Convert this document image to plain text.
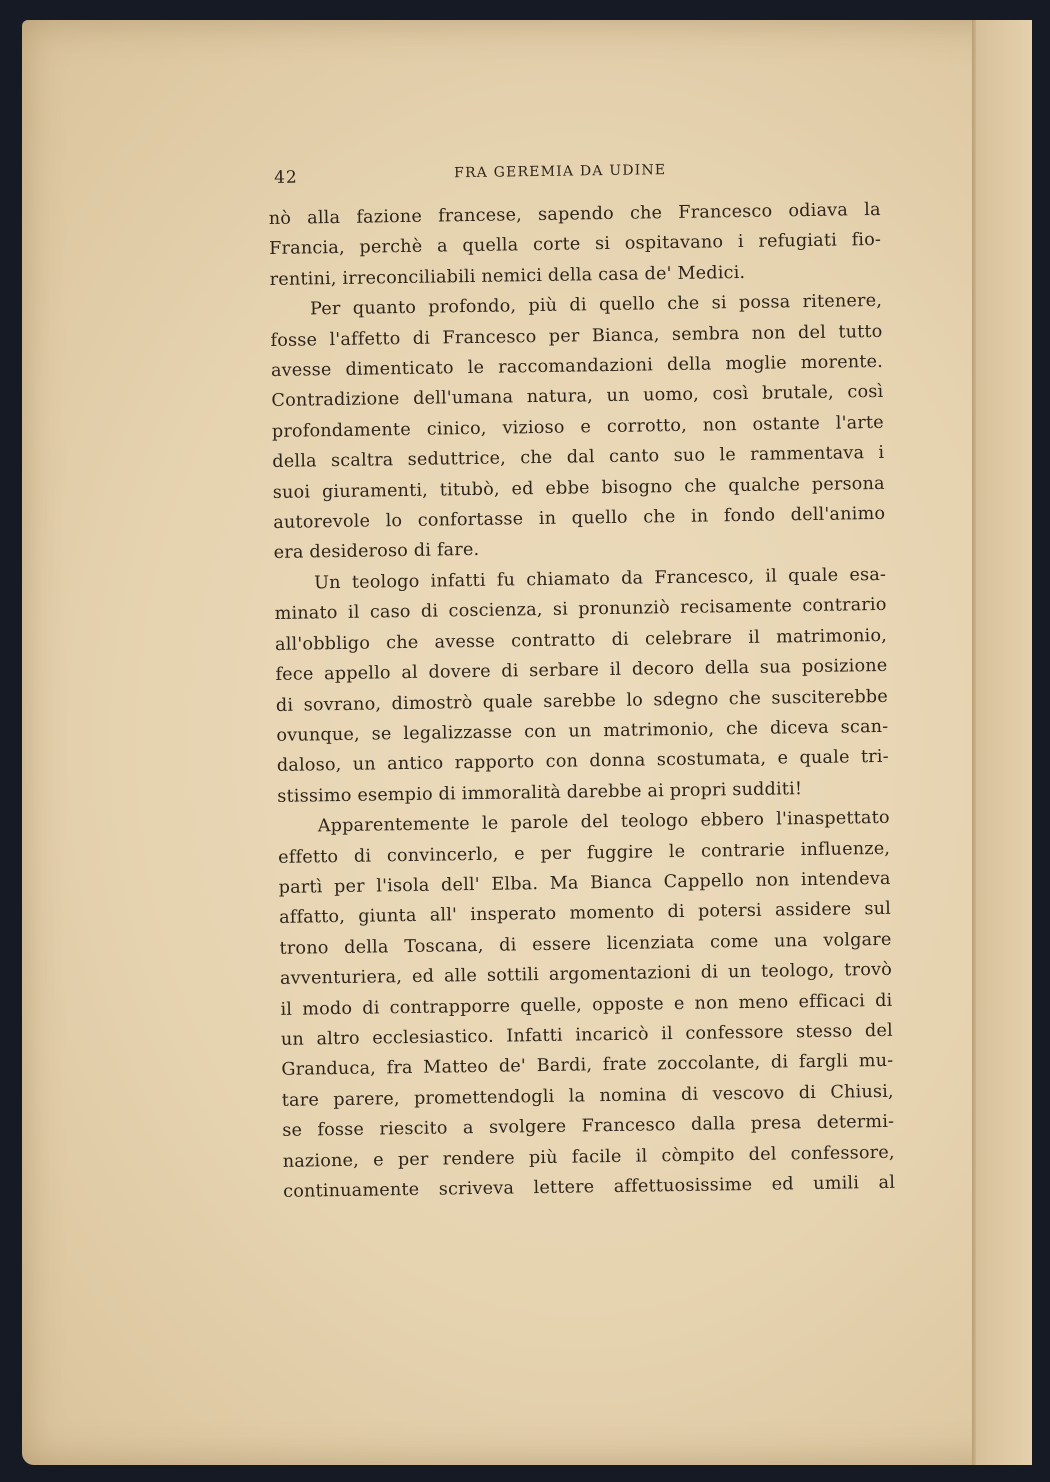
42	FRA GEREMIA DA UDINE
nò alla fazione francese, sapendo che Francesco odiava la
Francia, perchè a quella corte si ospitavano i refugiati fio-
rentini, irreconciliabili nemici della casa de' Medici.
Per quanto profondo, più di quello che si possa ritenere,
fosse l'affetto di Francesco per Bianca, sembra non del tutto
avesse dimenticato le raccomandazioni della moglie morente.
Contradizione dell'umana natura, un uomo, così brutale, così
profondamente cinico, vizioso e corrotto, non ostante l'arte
della scaltra seduttrice, che dal canto suo le rammentava i
suoi giuramenti, titubò, ed ebbe bisogno che qualche persona
autorevole lo confortasse in quello che in fondo dell'animo
era desideroso di fare.
Un teologo infatti fu chiamato da Francesco, il quale esa-
minato il caso di coscienza, si pronunziò recisamente contrario
all'obbligo che avesse contratto di celebrare il matrimonio,
fece appello al dovere di serbare il decoro della sua posizione
di sovrano, dimostrò quale sarebbe lo sdegno che susciterebbe
ovunque, se legalizzasse con un matrimonio, che diceva scan-
daloso, un antico rapporto con donna scostumata, e quale tri-
stissimo esempio di immoralità darebbe ai propri sudditi!
Apparentemente le parole del teologo ebbero l'inaspettato
effetto di convincerlo, e per fuggire le contrarie influenze,
partì per l'isola dell' Elba. Ma Bianca Cappello non intendeva
affatto, giunta all' insperato momento di potersi assidere sul
trono della Toscana, di essere licenziata come una volgare
avventuriera, ed alle sottili argomentazioni di un teologo, trovò
il modo di contrapporre quelle, opposte e non meno efficaci di
un altro ecclesiastico. Infatti incaricò il confessore stesso del
Granduca, fra Matteo de' Bardi, frate zoccolante, di fargli mu-
tare parere, promettendogli la nomina di vescovo di Chiusi,
se fosse riescito a svolgere Francesco dalla presa determi-
nazione, e per rendere più facile il còmpito del confessore,
continuamente scriveva lettere affettuosissime ed umili al
